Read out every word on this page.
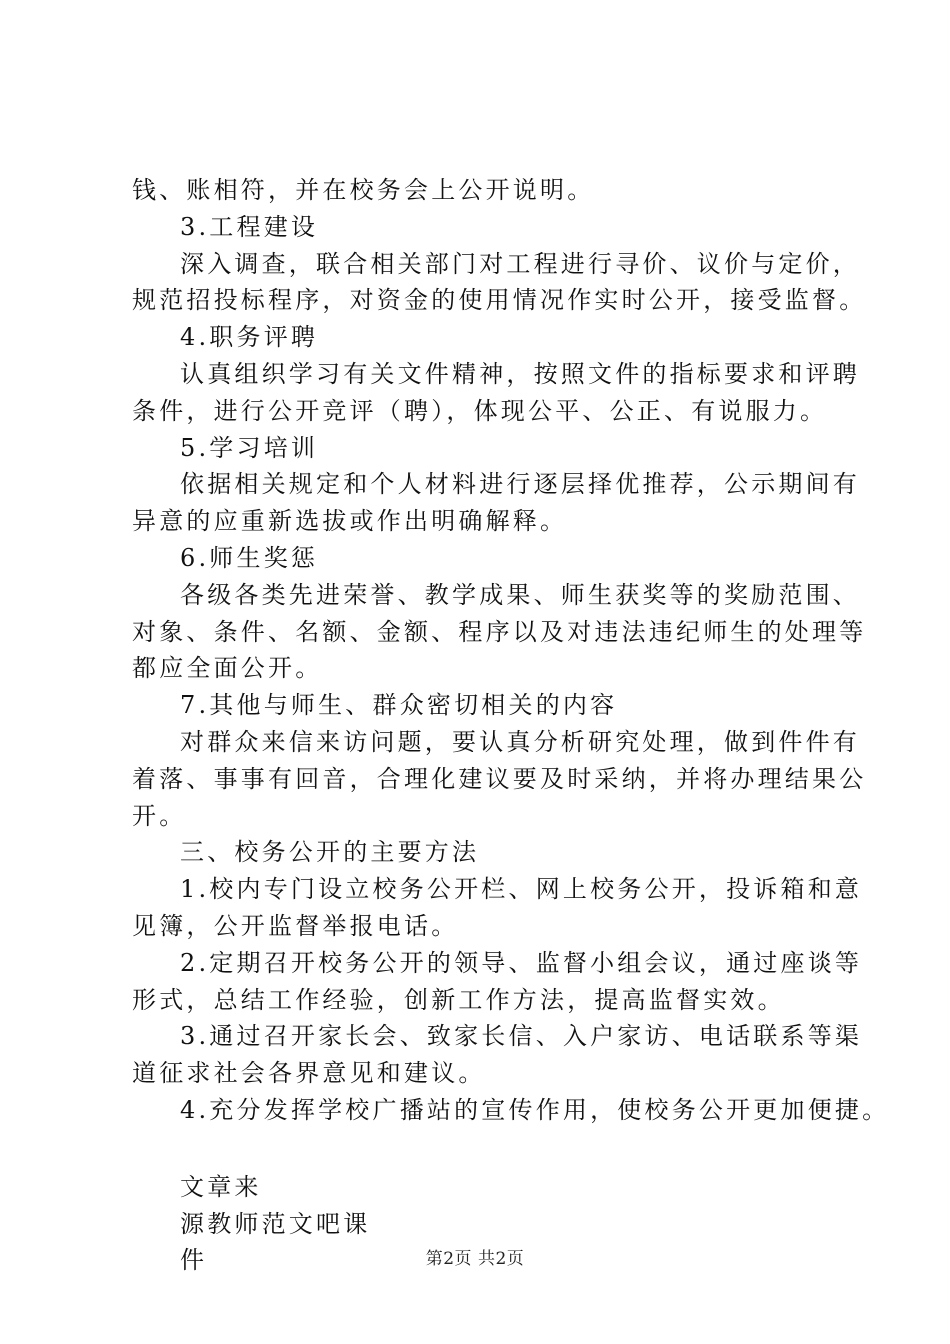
钱、账相符，并在校务会上公开说明。
3.工程建设
深入调查，联合相关部门对工程进行寻价、议价与定价，
规范招投标程序，对资金的使用情况作实时公开，接受监督。
4.职务评聘
认真组织学习有关文件精神，按照文件的指标要求和评聘
条件，进行公开竞评（聘），体现公平、公正、有说服力。
5.学习培训
依据相关规定和个人材料进行逐层择优推荐，公示期间有
异意的应重新选拔或作出明确解释。
6.师生奖惩
各级各类先进荣誉、教学成果、师生获奖等的奖励范围、
对象、条件、名额、金额、程序以及对违法违纪师生的处理等
都应全面公开。
7.其他与师生、群众密切相关的内容
对群众来信来访问题，要认真分析研究处理，做到件件有
着落、事事有回音，合理化建议要及时采纳，并将办理结果公
开。
三、校务公开的主要方法
1.校内专门设立校务公开栏、网上校务公开，投诉箱和意
见簿，公开监督举报电话。
2.定期召开校务公开的领导、监督小组会议，通过座谈等
形式，总结工作经验，创新工作方法，提高监督实效。
3.通过召开家长会、致家长信、入户家访、电话联系等渠
道征求社会各界意见和建议。
4.充分发挥学校广播站的宣传作用，使校务公开更加便捷。
文章来
源教师范文吧课
件	第2页 共2页
